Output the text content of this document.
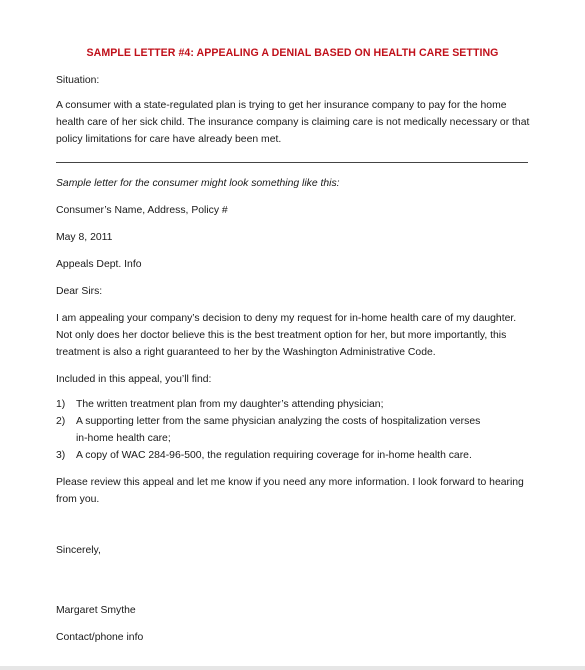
SAMPLE LETTER #4: APPEALING A DENIAL BASED ON HEALTH CARE SETTING

Situation:

A consumer with a state-regulated plan is trying to get her insurance company to pay for the home
health care of her sick child. The insurance company is claiming care is not medically necessary or that
policy limitations for care have already been met.

Sample letter for the consumer might look something like this:

Consumer’s Name, Address, Policy #

May 8, 2011

Appeals Dept. Info

Dear Sirs:

I am appealing your company’s decision to deny my request for in-home health care of my daughter.
Not only does her doctor believe this is the best treatment option for her, but more importantly, this
treatment is also a right guaranteed to her by the Washington Administrative Code.

Included in this appeal, you’ll find:

1)	The written treatment plan from my daughter’s attending physician;
2)	A supporting letter from the same physician analyzing the costs of hospitalization verses
in-home health care;
3)	A copy of WAC 284-96-500, the regulation requiring coverage for in-home health care.
Please review this appeal and let me know if you need any more information. I look forward to hearing
from you.

Sincerely,

Margaret Smythe

Contact/phone info
